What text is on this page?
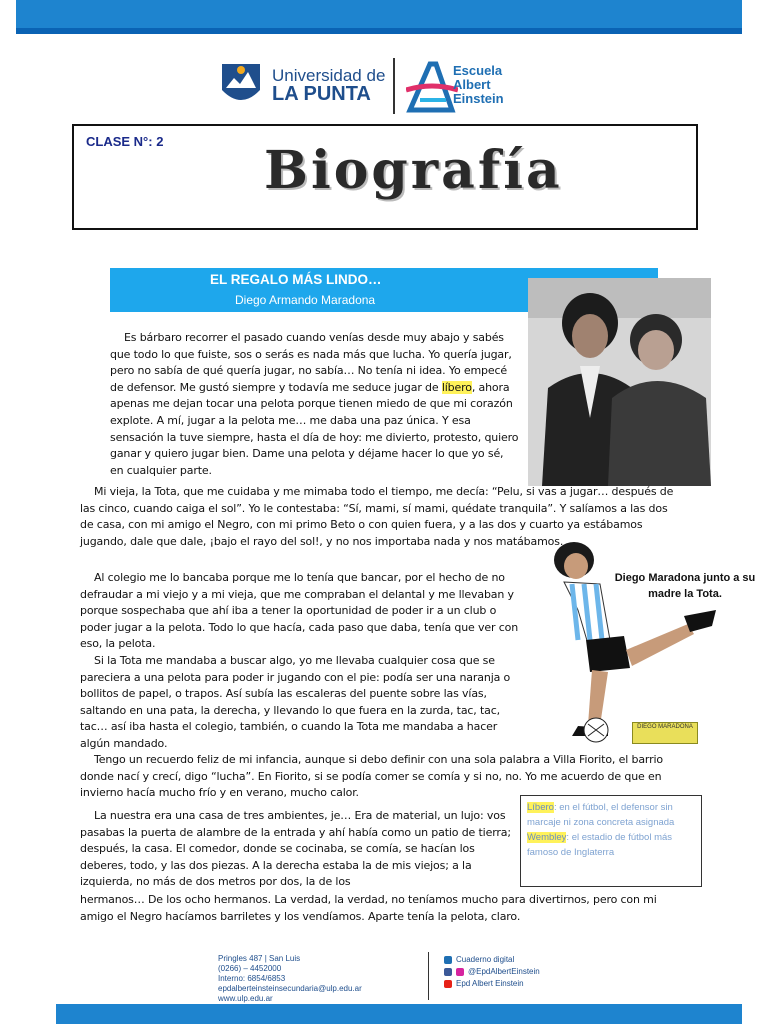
Universidad de
LA PUNTA
Escuela
Albert
Einstein
CLASE N°: 2 Biografía
EL REGALO MÁS LINDO…
Diego Armando Maradona
DIEGO MARADONA
Diego Maradona junto a su madre la Tota.

Es bárbaro recorrer el pasado cuando venías desde muy abajo y sabés que todo lo que fuiste, sos o serás es nada más que lucha. Yo quería jugar, pero no sabía de qué quería jugar, no sabía… No tenía ni idea. Yo empecé de defensor. Me gustó siempre y todavía me seduce jugar de líbero, ahora apenas me dejan tocar una pelota porque tienen miedo de que mi corazón explote. A mí, jugar a la pelota me… me daba una paz única. Y esa sensación la tuve siempre, hasta el día de hoy: me divierto, protesto, quiero ganar y quiero jugar bien. Dame una pelota y déjame hacer lo que yo sé, en cualquier parte.

Mi vieja, la Tota, que me cuidaba y me mimaba todo el tiempo, me decía: “Pelu, si vas a jugar… después de las cinco, cuando caiga el sol”. Yo le contestaba: “Sí, mami, sí mami, quédate tranquila”. Y salíamos a las dos de casa, con mi amigo el Negro, con mi primo Beto o con quien fuera, y a las dos y cuarto ya estábamos jugando, dale que dale, ¡bajo el rayo del sol!, y no nos importaba nada y nos matábamos.

Al colegio me lo bancaba porque me lo tenía que bancar, por el hecho de no defraudar a mi viejo y a mi vieja, que me compraban el delantal y me llevaban y porque sospechaba que ahí iba a tener la oportunidad de poder ir a un club o poder jugar a la pelota. Todo lo que hacía, cada paso que daba, tenía que ver con eso, la pelota.

Si la Tota me mandaba a buscar algo, yo me llevaba cualquier cosa que se pareciera a una pelota para poder ir jugando con el pie: podía ser una naranja o bollitos de papel, o trapos. Así subía las escaleras del puente sobre las vías, saltando en una pata, la derecha, y llevando lo que fuera en la zurda, tac, tac, tac… así iba hasta el colegio, también, o cuando la Tota me mandaba a hacer algún mandado.

Tengo un recuerdo feliz de mi infancia, aunque si debo definir con una sola palabra a Villa Fiorito, el barrio donde nací y crecí, digo “lucha”. En Fiorito, si se podía comer se comía y si no, no. Yo me acuerdo de que en invierno hacía mucho frío y en verano, mucho calor.

La nuestra era una casa de tres ambientes, je… Era de material, un lujo: vos pasabas la puerta de alambre de la entrada y ahí había como un patio de tierra; después, la casa. El comedor, donde se cocinaba, se comía, se hacían los deberes, todo, y las dos piezas. A la derecha estaba la de mis viejos; a la izquierda, no más de dos metros por dos, la de los

hermanos… De los ocho hermanos. La verdad, la verdad, no teníamos mucho para divertirnos, pero con mi amigo el Negro hacíamos barriletes y los vendíamos. Aparte tenía la pelota, claro.

Líbero: en el fútbol, el defensor sin marcaje ni zona concreta asignada
Wembley: el estadio de fútbol más famoso de Inglaterra
Pringles 487 | San Luis
(0266) – 4452000
Interno: 6854/6853
epdalberteinsteinsecundaria@ulp.edu.ar
www.ulp.edu.ar
Cuaderno digital
@EpdAlbertEinstein
Epd Albert Einstein
